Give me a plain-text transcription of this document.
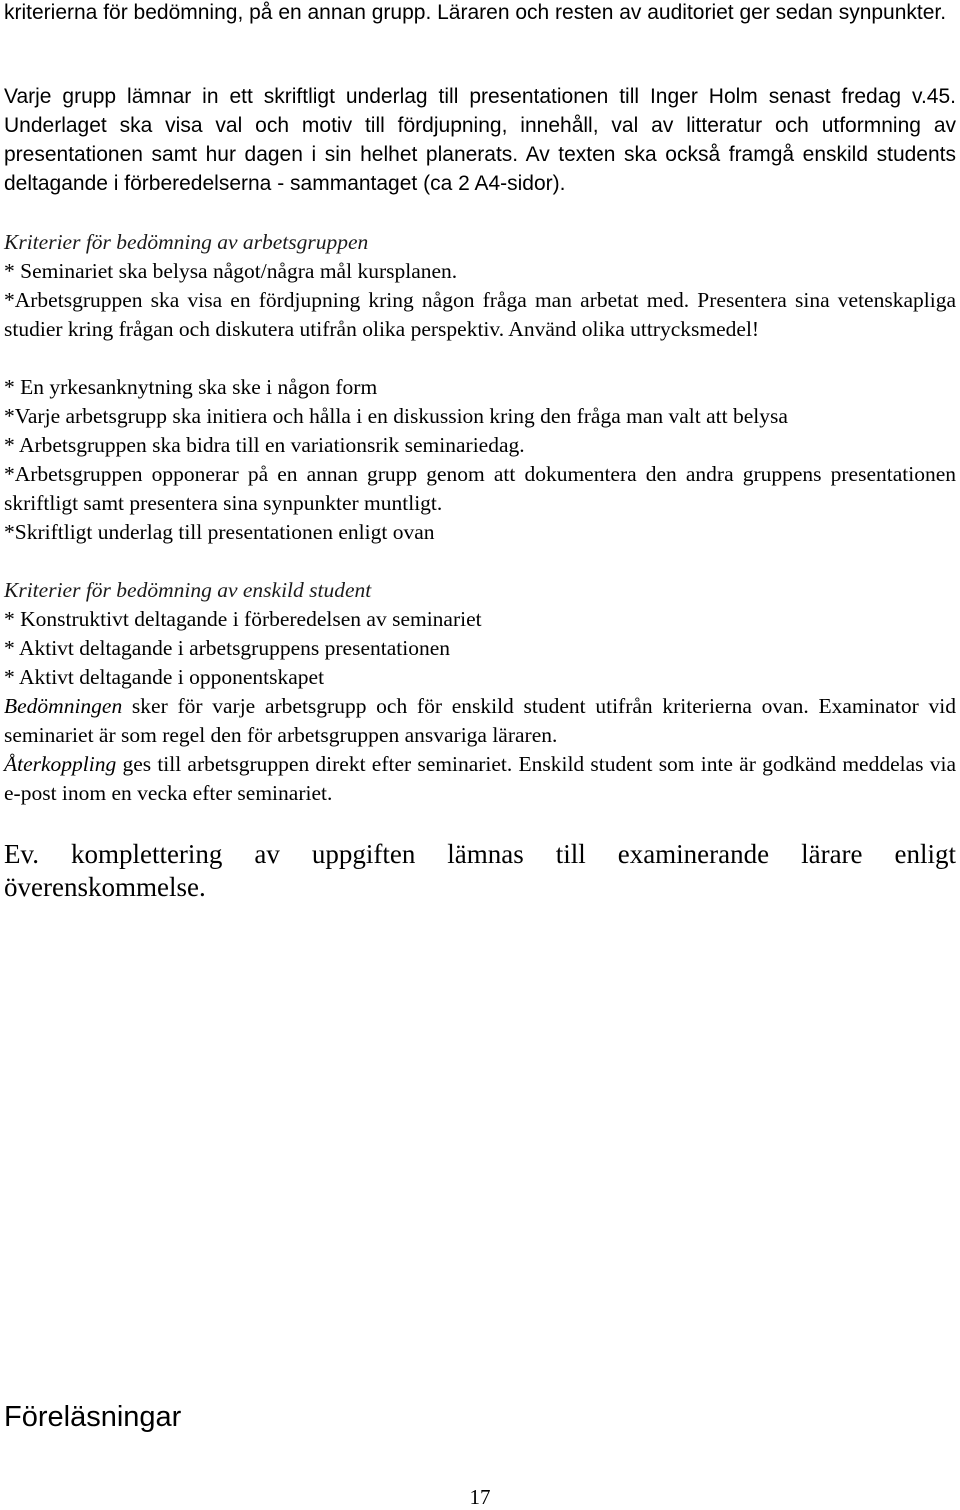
kriterierna för bedömning, på en annan grupp. Läraren och resten av auditoriet ger sedan synpunkter.

Varje grupp lämnar in ett skriftligt underlag till presentationen till Inger Holm senast fredag v.45. Underlaget ska visa val och motiv till fördjupning, innehåll, val av litteratur och utformning av presentationen samt hur dagen i sin helhet planerats. Av texten ska också framgå enskild students deltagande i förberedelserna - sammantaget (ca 2 A4-sidor).

Kriterier för bedömning av arbetsgruppen
* Seminariet ska belysa något/några mål kursplanen.
*Arbetsgruppen ska visa en fördjupning kring någon fråga man arbetat med. Presentera sina vetenskapliga studier kring frågan och diskutera utifrån olika perspektiv. Använd olika uttrycksmedel!
* En yrkesanknytning ska ske i någon form
*Varje arbetsgrupp ska initiera och hålla i en diskussion kring den fråga man valt att belysa
* Arbetsgruppen ska bidra till en variationsrik seminariedag.
*Arbetsgruppen opponerar på en annan grupp genom att dokumentera den andra gruppens presentationen skriftligt samt presentera sina synpunkter muntligt.
*Skriftligt underlag till presentationen enligt ovan
Kriterier för bedömning av enskild student
* Konstruktivt deltagande i förberedelsen av seminariet
* Aktivt deltagande i arbetsgruppens presentationen
* Aktivt deltagande i opponentskapet

Bedömningen sker för varje arbetsgrupp och för enskild student utifrån kriterierna ovan. Examinator vid seminariet är som regel den för arbetsgruppen ansvariga läraren.

Återkoppling ges till arbetsgruppen direkt efter seminariet. Enskild student som inte är godkänd meddelas via e-post inom en vecka efter seminariet.

Ev. komplettering av uppgiften lämnas till examinerande lärare enligt överenskommelse.

Föreläsningar
17
